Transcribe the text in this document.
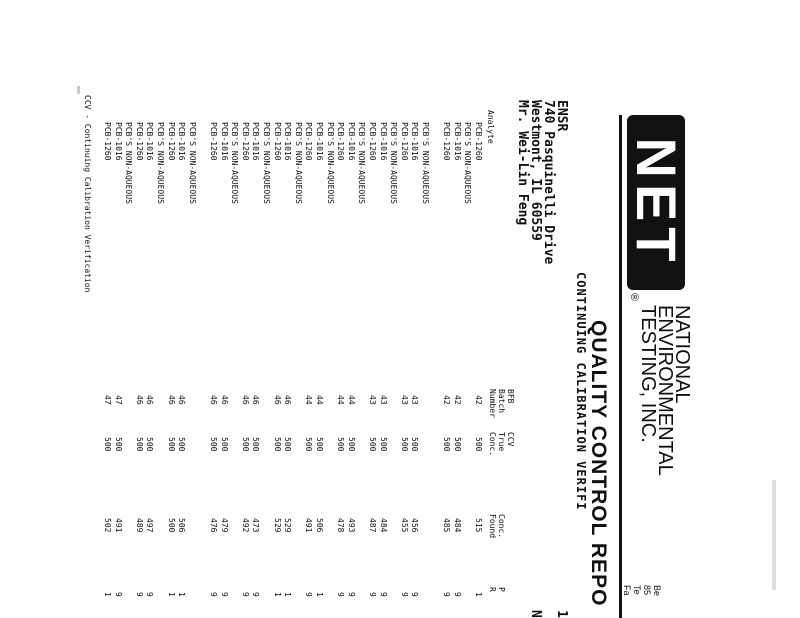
NET
®
NATIONAL
ENVIRONMENTAL
TESTING, INC.
Be
85
Te
Fa
QUALITY CONTROL REPO
CONTINUING CALIBRATION VERIFI
ENSR
740 Pasquinelli Drive
Westmont, IL 60559
Mr. Wei-Lin Feng
1
N
Analyte
BFB
Batch
Number
CCV
True
Conc.
Conc.
Found
P
R
PCB-1260
42
500
515
1
PCB'S NON-AQUEOUS
PCB-1016
42
500
484
9
PCB-1260
42
500
485
9
PCB'S NON-AQUEOUS
PCB-1016
43
500
456
9
PCB-1260
43
500
455
9
PCB'S NON-AQUEOUS
PCB-1016
43
500
484
9
PCB-1260
43
500
487
9
PCB'S NON-AQUEOUS
PCB-1016
44
500
493
9
PCB-1260
44
500
478
9
PCB'S NON-AQUEOUS
PCB-1016
44
500
506
1
PCB-1260
44
500
491
9
PCB'S NON-AQUEOUS
PCB-1016
46
500
529
1
PCB-1260
46
500
529
1
PCB'S NON-AQUEOUS
PCB-1016
46
500
473
9
PCB-1260
46
500
492
9
PCB'S NON-AQUEOUS
PCB-1016
46
500
479
9
PCB-1260
46
500
476
9
PCB'S NON-AQUEOUS
PCB-1016
46
500
506
1
PCB-1260
46
500
500
1
PCB'S NON-AQUEOUS
PCB-1016
46
500
497
9
PCB-1260
46
500
489
9
PCB'S NON-AQUEOUS
PCB-1016
47
500
491
9
PCB-1260
47
500
502
1
CCV - Continuing Calibration Verification
